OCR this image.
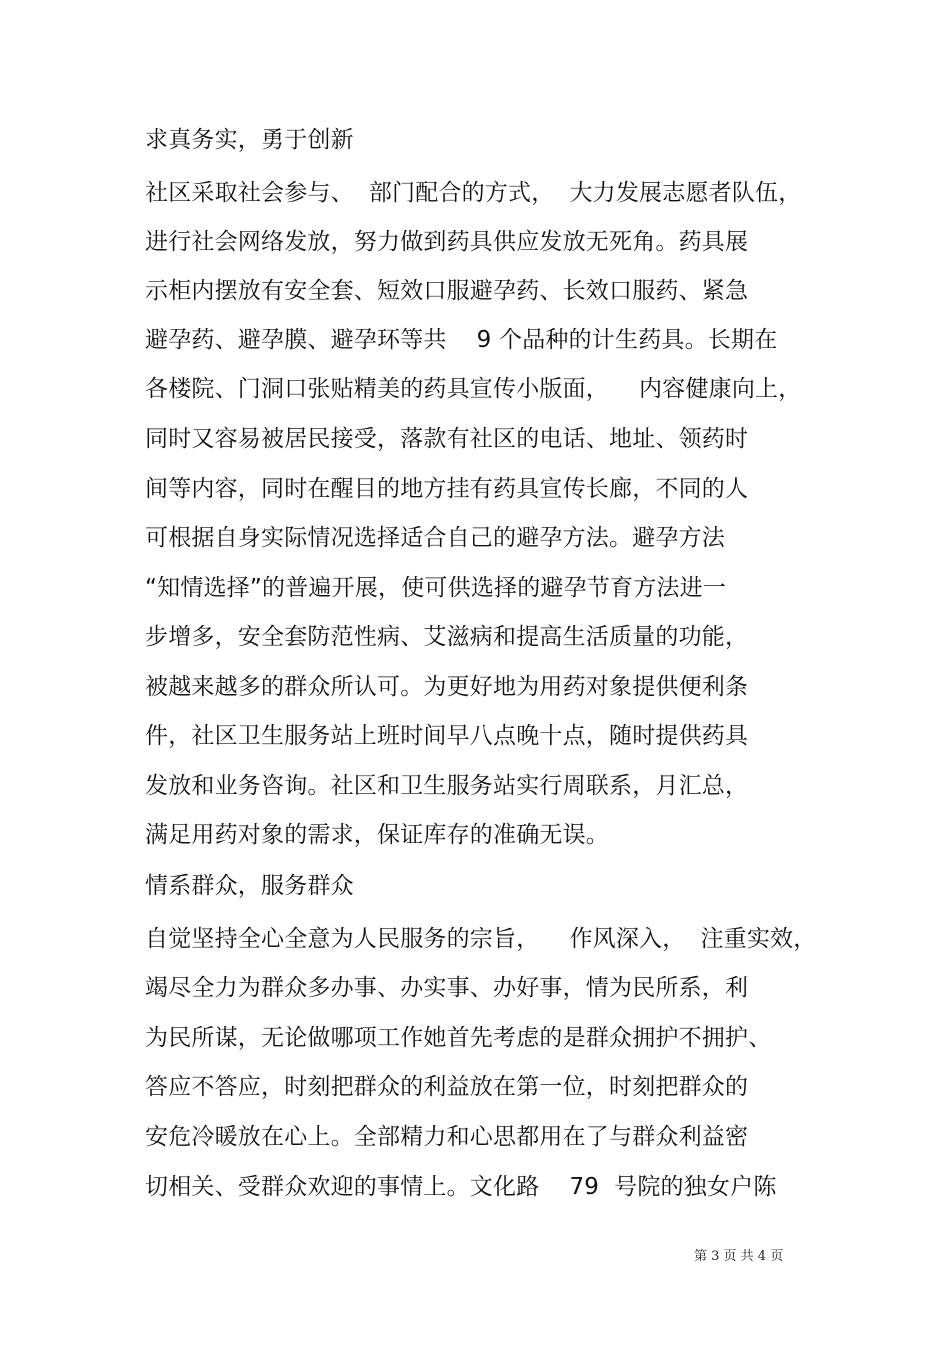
求真务实，勇于创新
社区采取社会参与、  部门配合的方式，  大力发展志愿者队伍，
进行社会网络发放，努力做到药具供应发放无死角。药具展
示柜内摆放有安全套、短效口服避孕药、长效口服药、紧急
避孕药、避孕膜、避孕环等共    9 个品种的计生药具。长期在
各楼院、门洞口张贴精美的药具宣传小版面，    内容健康向上，
同时又容易被居民接受，落款有社区的电话、地址、领药时
间等内容，同时在醒目的地方挂有药具宣传长廊，不同的人
可根据自身实际情况选择适合自己的避孕方法。避孕方法
“知情选择”的普遍开展，使可供选择的避孕节育方法进一
步增多，安全套防范性病、艾滋病和提高生活质量的功能，
被越来越多的群众所认可。为更好地为用药对象提供便利条
件，社区卫生服务站上班时间早八点晚十点，随时提供药具
发放和业务咨询。社区和卫生服务站实行周联系，月汇总，
满足用药对象的需求，保证库存的准确无误。
情系群众，服务群众
自觉坚持全心全意为人民服务的宗旨，    作风深入，  注重实效，
竭尽全力为群众多办事、办实事、办好事，情为民所系，利
为民所谋，无论做哪项工作她首先考虑的是群众拥护不拥护、
答应不答应，时刻把群众的利益放在第一位，时刻把群众的
安危冷暖放在心上。全部精力和心思都用在了与群众利益密
切相关、受群众欢迎的事情上。文化路    79  号院的独女户陈
第 3 页 共 4 页
